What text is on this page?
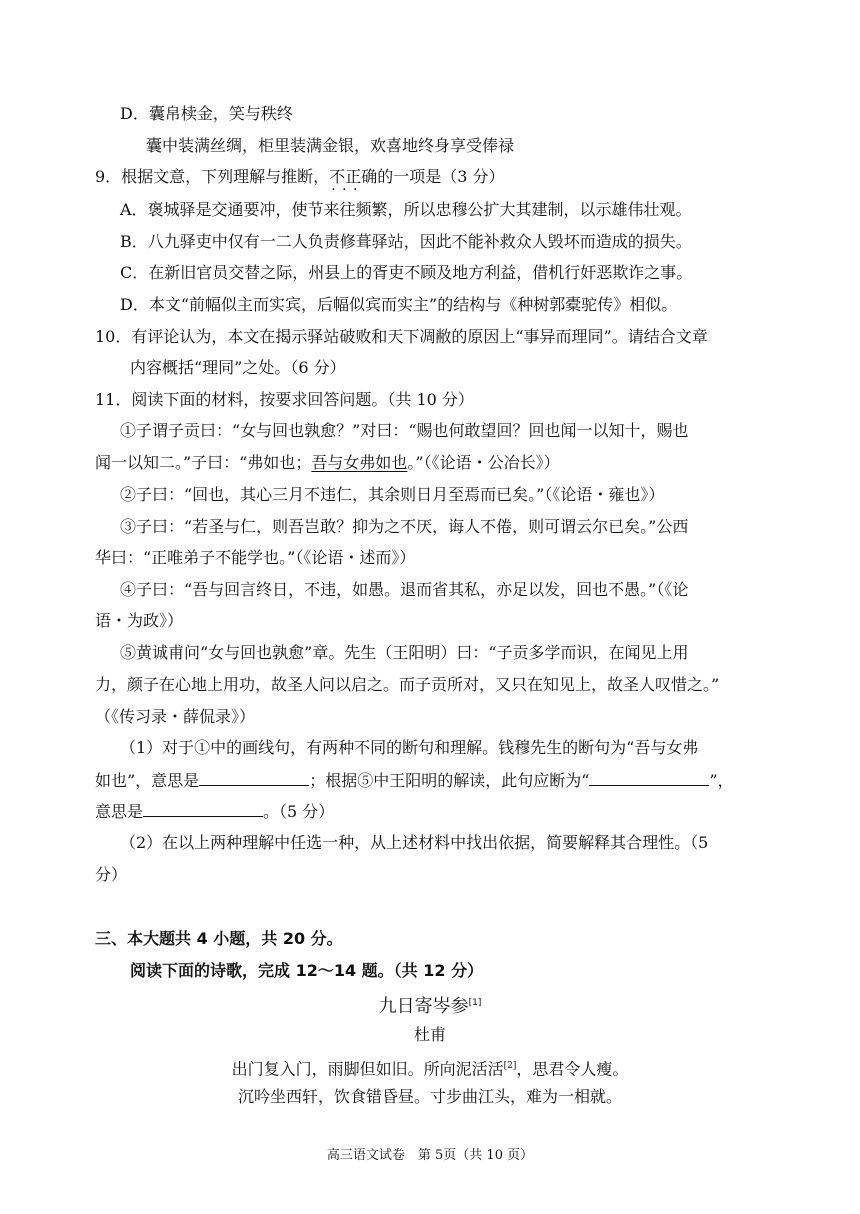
D．囊帛椟金，笑与秩终
囊中装满丝绸，柜里装满金银，欢喜地终身享受俸禄
9．根据文意，下列理解与推断，不正确 · · ·的一项是（3 分）
A．褒城驿是交通要冲，使节来往频繁，所以忠穆公扩大其建制，以示雄伟壮观。
B．八九驿吏中仅有一二人负责修葺驿站，因此不能补救众人毁坏而造成的损失。
C．在新旧官员交替之际，州县上的胥吏不顾及地方利益，借机行奸恶欺诈之事。
D．本文“前幅似主而实宾，后幅似宾而实主”的结构与《种树郭橐驼传》相似。
10．有评论认为，本文在揭示驿站破败和天下凋敝的原因上“事异而理同”。请结合文章
内容概括“理同”之处。（6 分）
11．阅读下面的材料，按要求回答问题。（共 10 分）
①子谓子贡曰：“女与回也孰愈？”对曰：“赐也何敢望回？回也闻一以知十，赐也
闻一以知二。”子曰：“弗如也；吾与女弗如也。”（《论语・公冶长》）
②子曰：“回也，其心三月不违仁，其余则日月至焉而已矣。”（《论语・雍也》）
③子曰：“若圣与仁，则吾岂敢？抑为之不厌，诲人不倦，则可谓云尔已矣。”公西
华曰：“正唯弟子不能学也。”（《论语・述而》）
④子曰：“吾与回言终日，不违，如愚。退而省其私，亦足以发，回也不愚。”（《论
语・为政》）
⑤黄诚甫问“女与回也孰愈”章。先生（王阳明）曰：“子贡多学而识，在闻见上用
力，颜子在心地上用功，故圣人问以启之。而子贡所对，又只在知见上，故圣人叹惜之。”
（《传习录・薛侃录》）
（1）对于①中的画线句，有两种不同的断句和理解。钱穆先生的断句为“吾与女弗
如也”，意思是	；根据⑤中王阳明的解读，此句应断为“	”，
意思是	。（5 分）
（2）在以上两种理解中任选一种，从上述材料中找出依据，简要解释其合理性。（5
分）
三、本大题共 4 小题，共 20 分。
阅读下面的诗歌，完成 12～14 题。（共 12 分）
九日寄岑参[1]
杜甫
出门复入门，雨脚但如旧。所向泥活活[2]，思君令人瘦。
沉吟坐西轩，饮食错昏昼。寸步曲江头，难为一相就。
高三语文试卷　第 5页（共 10 页）
